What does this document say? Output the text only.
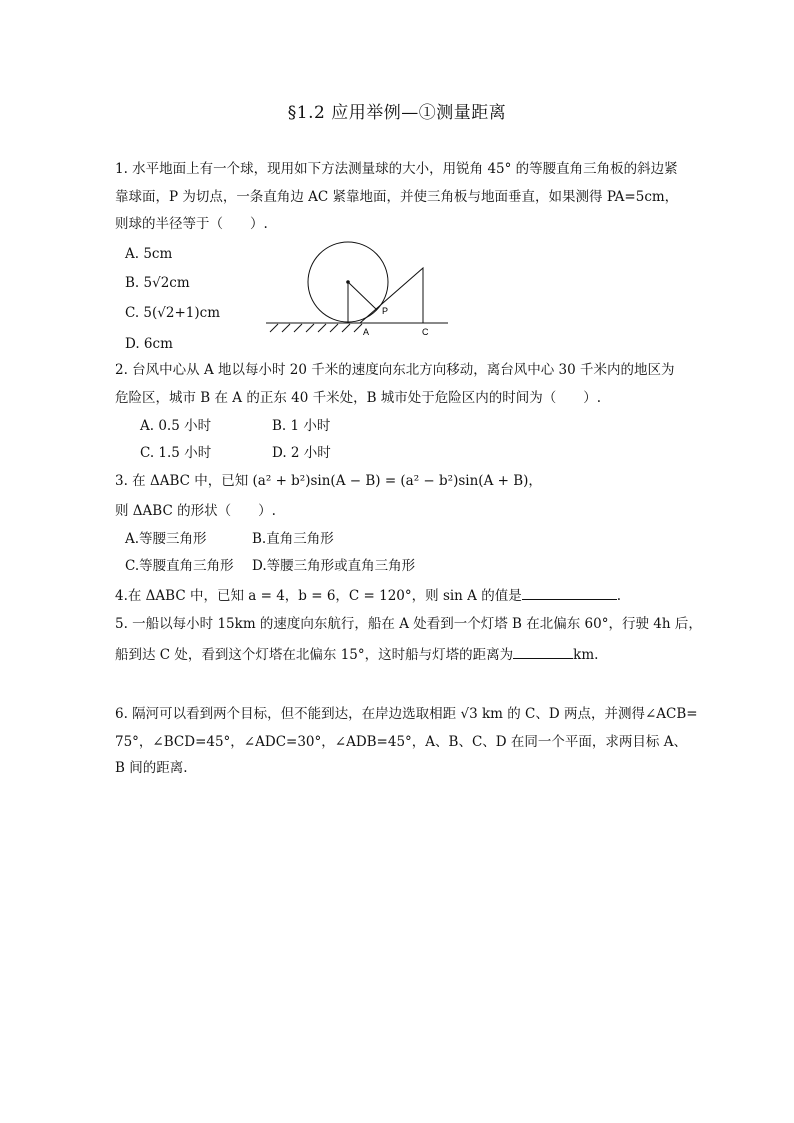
§1.2 应用举例—①测量距离
1. 水平地面上有一个球，现用如下方法测量球的大小，用锐角 45° 的等腰直角三角板的斜边紧
靠球面，P 为切点，一条直角边 AC 紧靠地面，并使三角板与地面垂直，如果测得 PA=5cm，
则球的半径等于（　　）.
A. 5cm
B. 5√2cm
C. 5(√2+1)cm
D. 6cm
P
A	C
2. 台风中心从 A 地以每小时 20 千米的速度向东北方向移动，离台风中心 30 千米内的地区为
危险区，城市 B 在 A 的正东 40 千米处，B 城市处于危险区内的时间为（　　）.
A. 0.5 小时	B. 1 小时
C. 1.5 小时	D. 2 小时
3. 在 ΔABC 中，已知 (a² + b²)sin(A − B) = (a² − b²)sin(A + B)，
则 ΔABC 的形状（　　）.
A.等腰三角形	B.直角三角形
C.等腰直角三角形 D.等腰三角形或直角三角形
4.在 ΔABC 中，已知 a = 4，b = 6，C = 120°，则 sin A 的值是	.
5. 一船以每小时 15km 的速度向东航行，船在 A 处看到一个灯塔 B 在北偏东 60°，行驶 4h 后，
船到达 C 处，看到这个灯塔在北偏东 15°，这时船与灯塔的距离为	km.
6. 隔河可以看到两个目标，但不能到达，在岸边选取相距 √3 km 的 C、D 两点，并测得∠ACB=
75°，∠BCD=45°，∠ADC=30°，∠ADB=45°，A、B、C、D 在同一个平面，求两目标 A、
B 间的距离.
